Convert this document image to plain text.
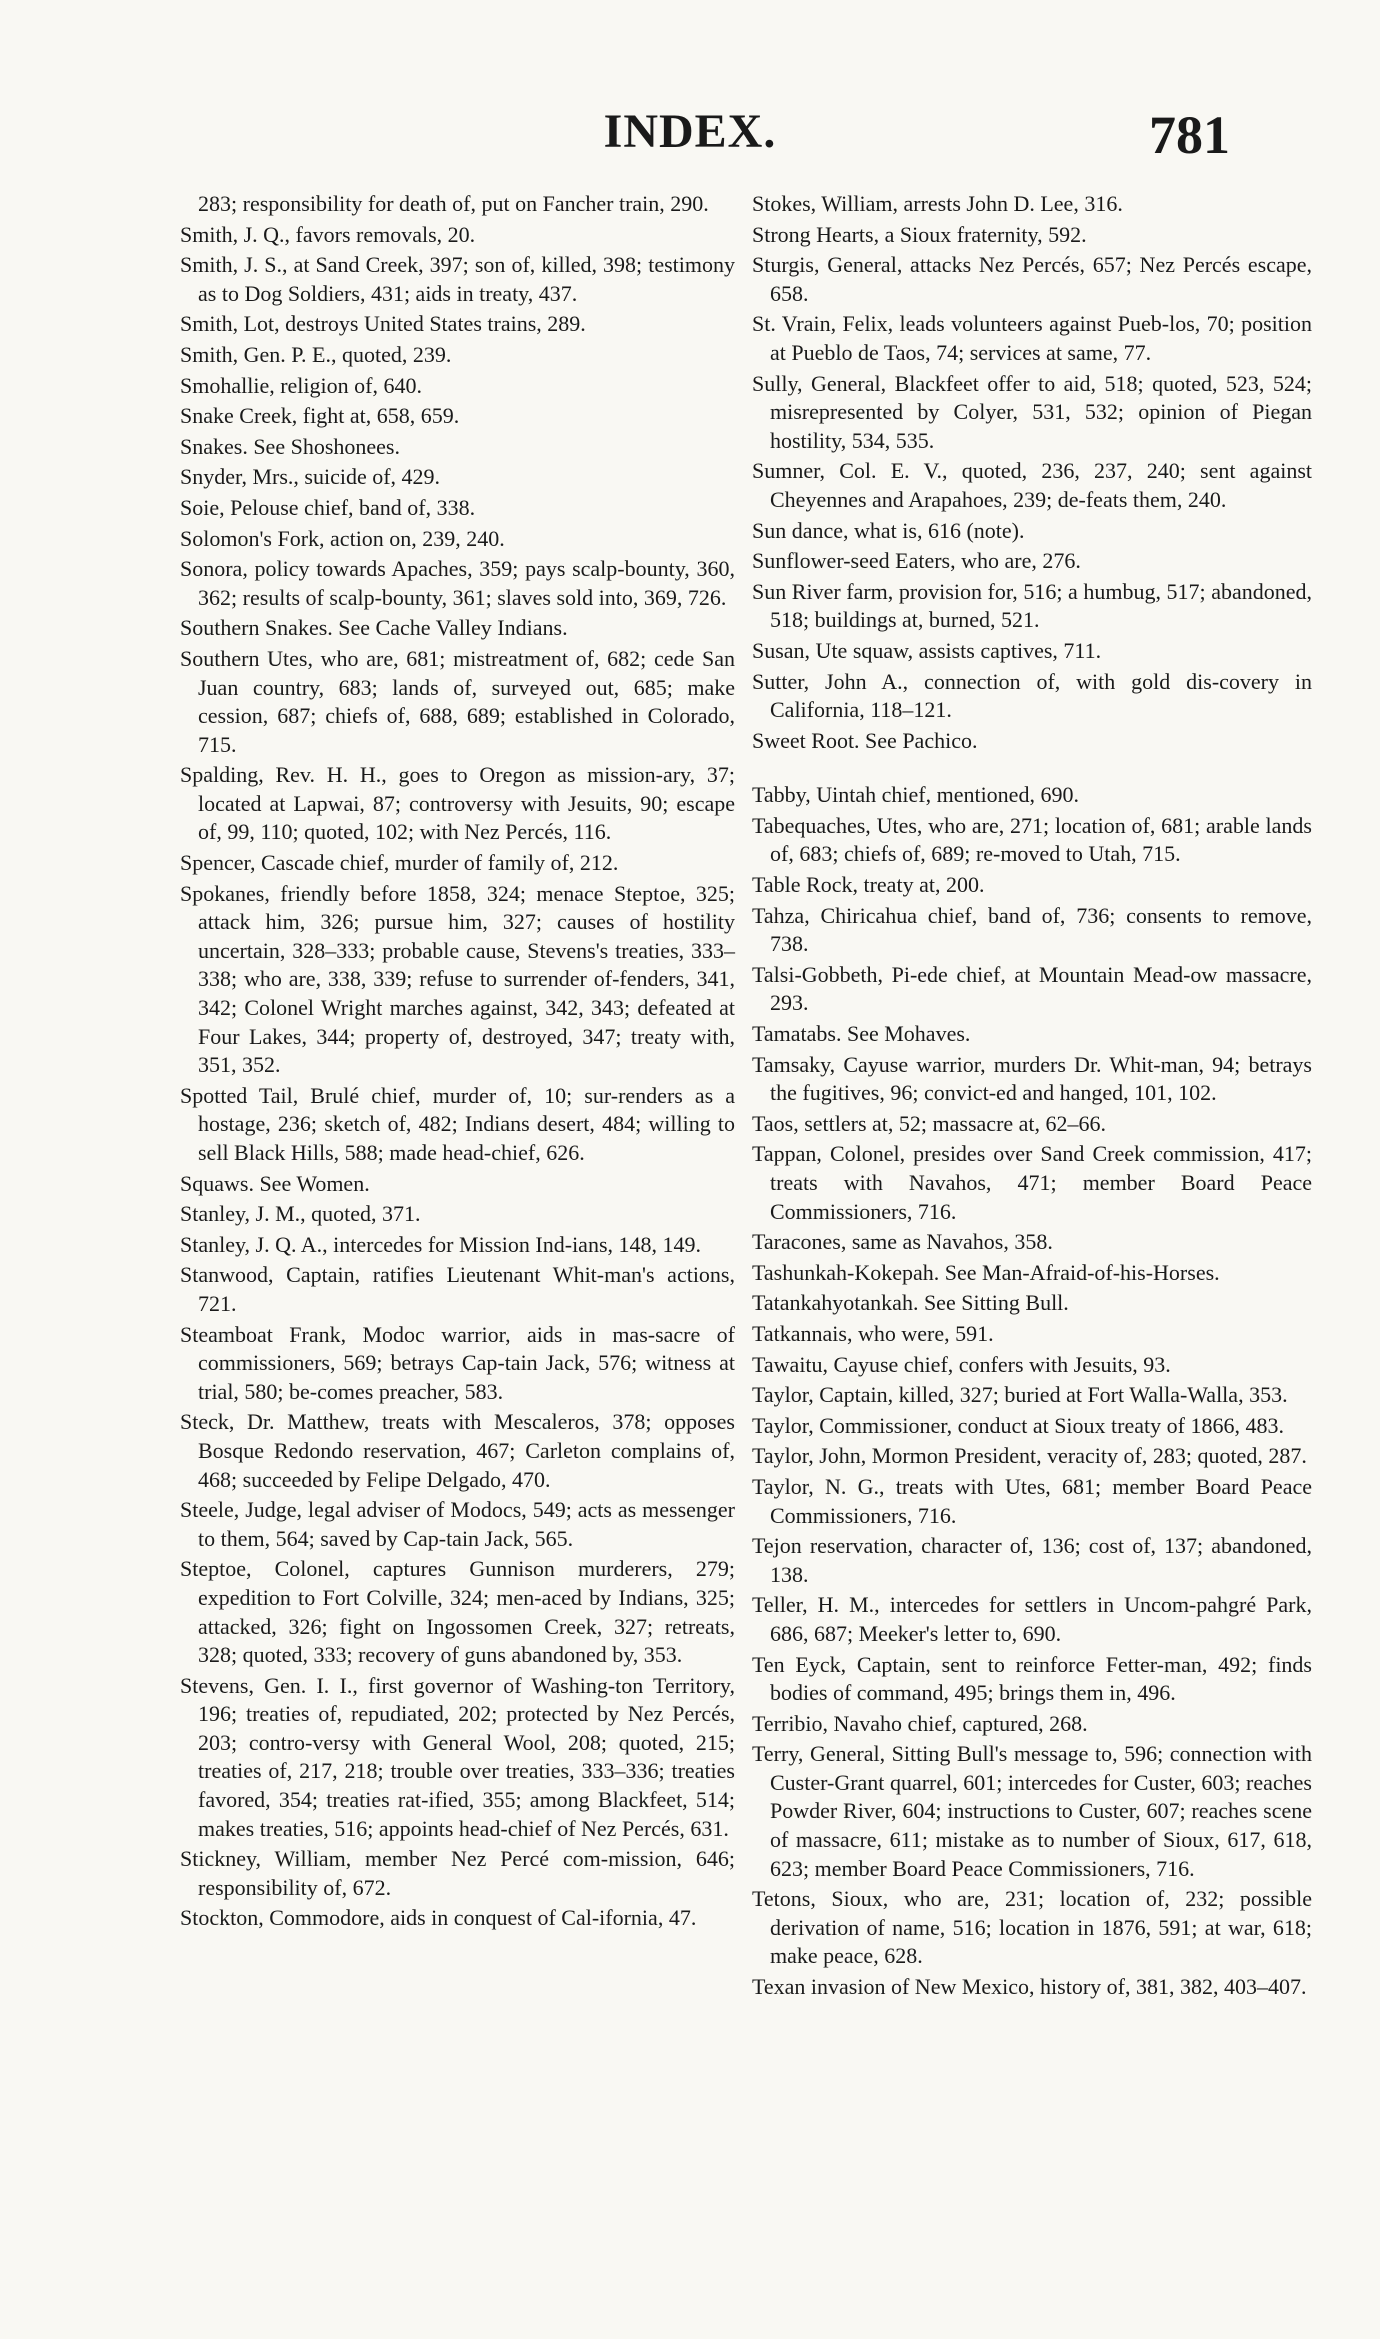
INDEX.	781
283; responsibility for death of, put on Fancher train, 290.
Smith, J. Q., favors removals, 20.
Smith, J. S., at Sand Creek, 397; son of, killed, 398; testimony as to Dog Soldiers, 431; aids in treaty, 437.
Smith, Lot, destroys United States trains, 289.
Smith, Gen. P. E., quoted, 239.
Smohallie, religion of, 640.
Snake Creek, fight at, 658, 659.
Snakes. See Shoshonees.
Snyder, Mrs., suicide of, 429.
Soie, Pelouse chief, band of, 338.
Solomon's Fork, action on, 239, 240.
Sonora, policy towards Apaches, 359; pays scalp-bounty, 360, 362; results of scalp-bounty, 361; slaves sold into, 369, 726.
Southern Snakes. See Cache Valley Indians.
Southern Utes, who are, 681; mistreatment of, 682; cede San Juan country, 683; lands of, surveyed out, 685; make cession, 687; chiefs of, 688, 689; established in Colorado, 715.
Spalding, Rev. H. H., goes to Oregon as mission-ary, 37; located at Lapwai, 87; controversy with Jesuits, 90; escape of, 99, 110; quoted, 102; with Nez Percés, 116.
Spencer, Cascade chief, murder of family of, 212.
Spokanes, friendly before 1858, 324; menace Steptoe, 325; attack him, 326; pursue him, 327; causes of hostility uncertain, 328–333; probable cause, Stevens's treaties, 333–338; who are, 338, 339; refuse to surrender of-fenders, 341, 342; Colonel Wright marches against, 342, 343; defeated at Four Lakes, 344; property of, destroyed, 347; treaty with, 351, 352.
Spotted Tail, Brulé chief, murder of, 10; sur-renders as a hostage, 236; sketch of, 482; Indians desert, 484; willing to sell Black Hills, 588; made head-chief, 626.
Squaws. See Women.
Stanley, J. M., quoted, 371.
Stanley, J. Q. A., intercedes for Mission Ind-ians, 148, 149.
Stanwood, Captain, ratifies Lieutenant Whit-man's actions, 721.
Steamboat Frank, Modoc warrior, aids in mas-sacre of commissioners, 569; betrays Cap-tain Jack, 576; witness at trial, 580; be-comes preacher, 583.
Steck, Dr. Matthew, treats with Mescaleros, 378; opposes Bosque Redondo reservation, 467; Carleton complains of, 468; succeeded by Felipe Delgado, 470.
Steele, Judge, legal adviser of Modocs, 549; acts as messenger to them, 564; saved by Cap-tain Jack, 565.
Steptoe, Colonel, captures Gunnison murderers, 279; expedition to Fort Colville, 324; men-aced by Indians, 325; attacked, 326; fight on Ingossomen Creek, 327; retreats, 328; quoted, 333; recovery of guns abandoned by, 353.
Stevens, Gen. I. I., first governor of Washing-ton Territory, 196; treaties of, repudiated, 202; protected by Nez Percés, 203; contro-versy with General Wool, 208; quoted, 215; treaties of, 217, 218; trouble over treaties, 333–336; treaties favored, 354; treaties rat-ified, 355; among Blackfeet, 514; makes treaties, 516; appoints head-chief of Nez Percés, 631.
Stickney, William, member Nez Percé com-mission, 646; responsibility of, 672.
Stockton, Commodore, aids in conquest of Cal-ifornia, 47.
Stokes, William, arrests John D. Lee, 316.
Strong Hearts, a Sioux fraternity, 592.
Sturgis, General, attacks Nez Percés, 657; Nez Percés escape, 658.
St. Vrain, Felix, leads volunteers against Pueb-los, 70; position at Pueblo de Taos, 74; services at same, 77.
Sully, General, Blackfeet offer to aid, 518; quoted, 523, 524; misrepresented by Colyer, 531, 532; opinion of Piegan hostility, 534, 535.
Sumner, Col. E. V., quoted, 236, 237, 240; sent against Cheyennes and Arapahoes, 239; de-feats them, 240.
Sun dance, what is, 616 (note).
Sunflower-seed Eaters, who are, 276.
Sun River farm, provision for, 516; a humbug, 517; abandoned, 518; buildings at, burned, 521.
Susan, Ute squaw, assists captives, 711.
Sutter, John A., connection of, with gold dis-covery in California, 118–121.
Sweet Root. See Pachico.
Tabby, Uintah chief, mentioned, 690.
Tabequaches, Utes, who are, 271; location of, 681; arable lands of, 683; chiefs of, 689; re-moved to Utah, 715.
Table Rock, treaty at, 200.
Tahza, Chiricahua chief, band of, 736; consents to remove, 738.
Talsi-Gobbeth, Pi-ede chief, at Mountain Mead-ow massacre, 293.
Tamatabs. See Mohaves.
Tamsaky, Cayuse warrior, murders Dr. Whit-man, 94; betrays the fugitives, 96; convict-ed and hanged, 101, 102.
Taos, settlers at, 52; massacre at, 62–66.
Tappan, Colonel, presides over Sand Creek commission, 417; treats with Navahos, 471; member Board Peace Commissioners, 716.
Taracones, same as Navahos, 358.
Tashunkah-Kokepah. See Man-Afraid-of-his-Horses.
Tatankahyotankah. See Sitting Bull.
Tatkannais, who were, 591.
Tawaitu, Cayuse chief, confers with Jesuits, 93.
Taylor, Captain, killed, 327; buried at Fort Walla-Walla, 353.
Taylor, Commissioner, conduct at Sioux treaty of 1866, 483.
Taylor, John, Mormon President, veracity of, 283; quoted, 287.
Taylor, N. G., treats with Utes, 681; member Board Peace Commissioners, 716.
Tejon reservation, character of, 136; cost of, 137; abandoned, 138.
Teller, H. M., intercedes for settlers in Uncom-pahgré Park, 686, 687; Meeker's letter to, 690.
Ten Eyck, Captain, sent to reinforce Fetter-man, 492; finds bodies of command, 495; brings them in, 496.
Terribio, Navaho chief, captured, 268.
Terry, General, Sitting Bull's message to, 596; connection with Custer-Grant quarrel, 601; intercedes for Custer, 603; reaches Powder River, 604; instructions to Custer, 607; reaches scene of massacre, 611; mistake as to number of Sioux, 617, 618, 623; member Board Peace Commissioners, 716.
Tetons, Sioux, who are, 231; location of, 232; possible derivation of name, 516; location in 1876, 591; at war, 618; make peace, 628.
Texan invasion of New Mexico, history of, 381, 382, 403–407.
